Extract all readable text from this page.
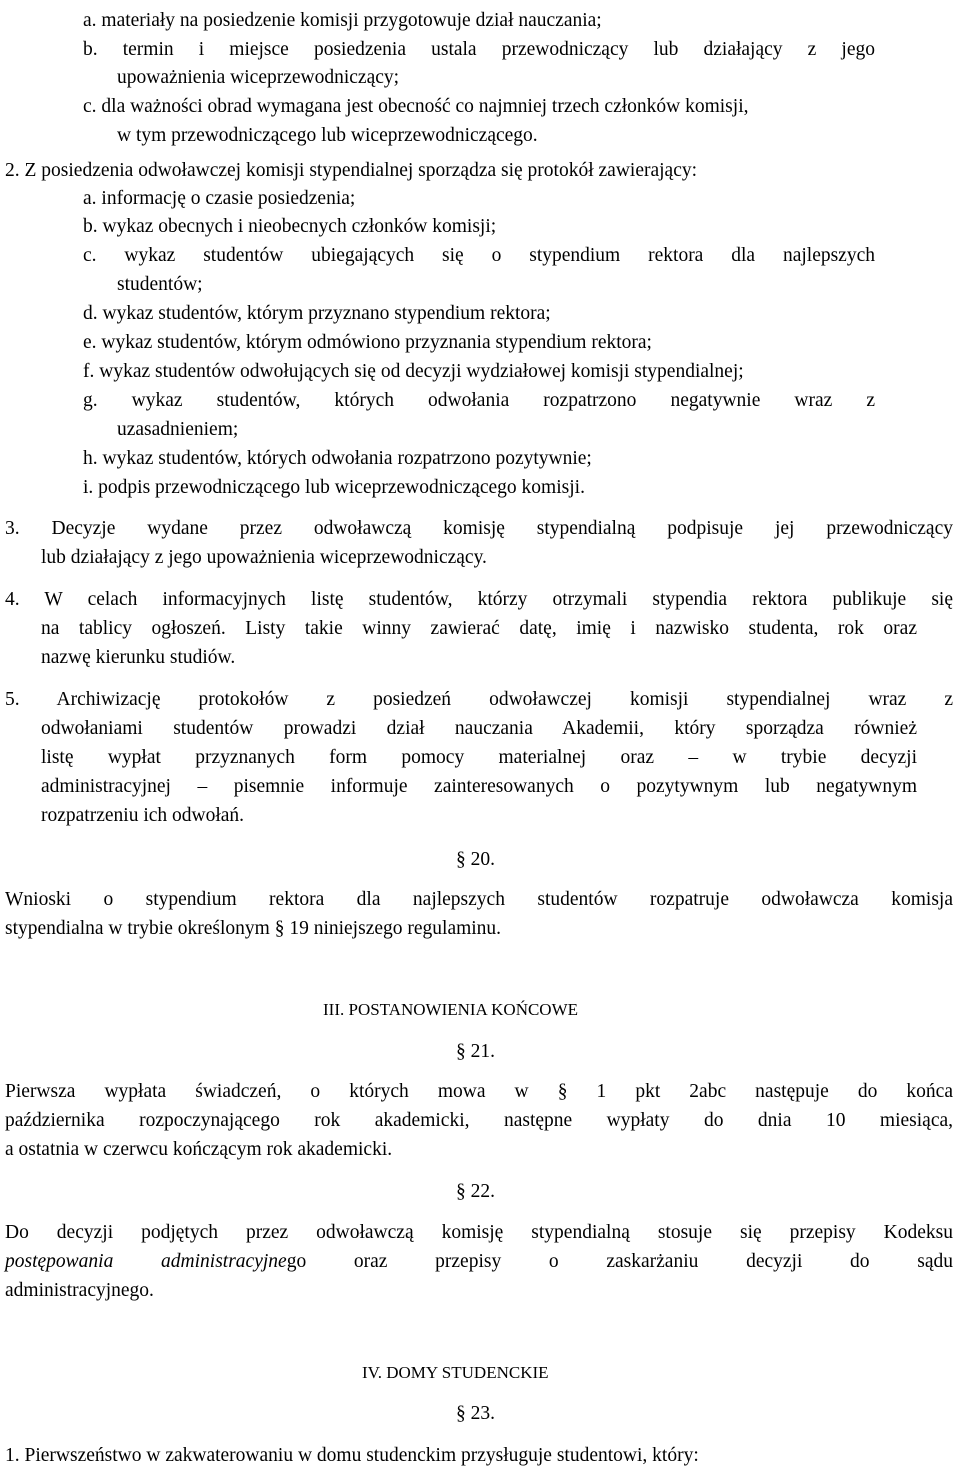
a. materiały na posiedzenie komisji przygotowuje dział nauczania;
b. termin i miejsce posiedzenia ustala przewodniczący lub działający z jego
upoważnienia wiceprzewodniczący;
c. dla ważności obrad wymagana jest obecność co najmniej trzech członków komisji,
w tym przewodniczącego lub wiceprzewodniczącego.
2. Z posiedzenia odwoławczej komisji stypendialnej sporządza się protokół zawierający:
a. informację o czasie posiedzenia;
b. wykaz obecnych i nieobecnych członków komisji;
c. wykaz studentów ubiegających się o stypendium rektora dla najlepszych
studentów;
d. wykaz studentów, którym przyznano stypendium rektora;
e. wykaz studentów, którym odmówiono przyznania stypendium rektora;
f. wykaz studentów odwołujących się od decyzji wydziałowej komisji stypendialnej;
g. wykaz studentów, których odwołania rozpatrzono negatywnie wraz z
uzasadnieniem;
h. wykaz studentów, których odwołania rozpatrzono pozytywnie;
i. podpis przewodniczącego lub wiceprzewodniczącego komisji.
3. Decyzje wydane przez odwoławczą komisję stypendialną podpisuje jej przewodniczący
lub działający z jego upoważnienia wiceprzewodniczący.
4. W celach informacyjnych listę studentów, którzy otrzymali stypendia rektora publikuje się
na tablicy ogłoszeń. Listy takie winny zawierać datę, imię i nazwisko studenta, rok oraz
nazwę kierunku studiów.
5. Archiwizację protokołów z posiedzeń odwoławczej komisji stypendialnej wraz z
odwołaniami studentów prowadzi dział nauczania Akademii, który sporządza również
listę wypłat przyznanych form pomocy materialnej oraz – w trybie decyzji
administracyjnej – pisemnie informuje zainteresowanych o pozytywnym lub negatywnym
rozpatrzeniu ich odwołań.
§ 20.
Wnioski o stypendium rektora dla najlepszych studentów rozpatruje odwoławcza komisja
stypendialna w trybie określonym § 19 niniejszego regulaminu.
III. POSTANOWIENIA KOŃCOWE
§ 21.
Pierwsza wypłata świadczeń, o których mowa w § 1 pkt 2abc następuje do końca
października rozpoczynającego rok akademicki, następne wypłaty do dnia 10 miesiąca,
a ostatnia w czerwcu kończącym rok akademicki.
§ 22.
Do decyzji podjętych przez odwoławczą komisję stypendialną stosuje się przepisy Kodeksu
postępowania administracyjnego oraz przepisy o zaskarżaniu decyzji do sądu
administracyjnego.
IV. DOMY STUDENCKIE
§ 23.
1. Pierwszeństwo w zakwaterowaniu w domu studenckim przysługuje studentowi, który:
